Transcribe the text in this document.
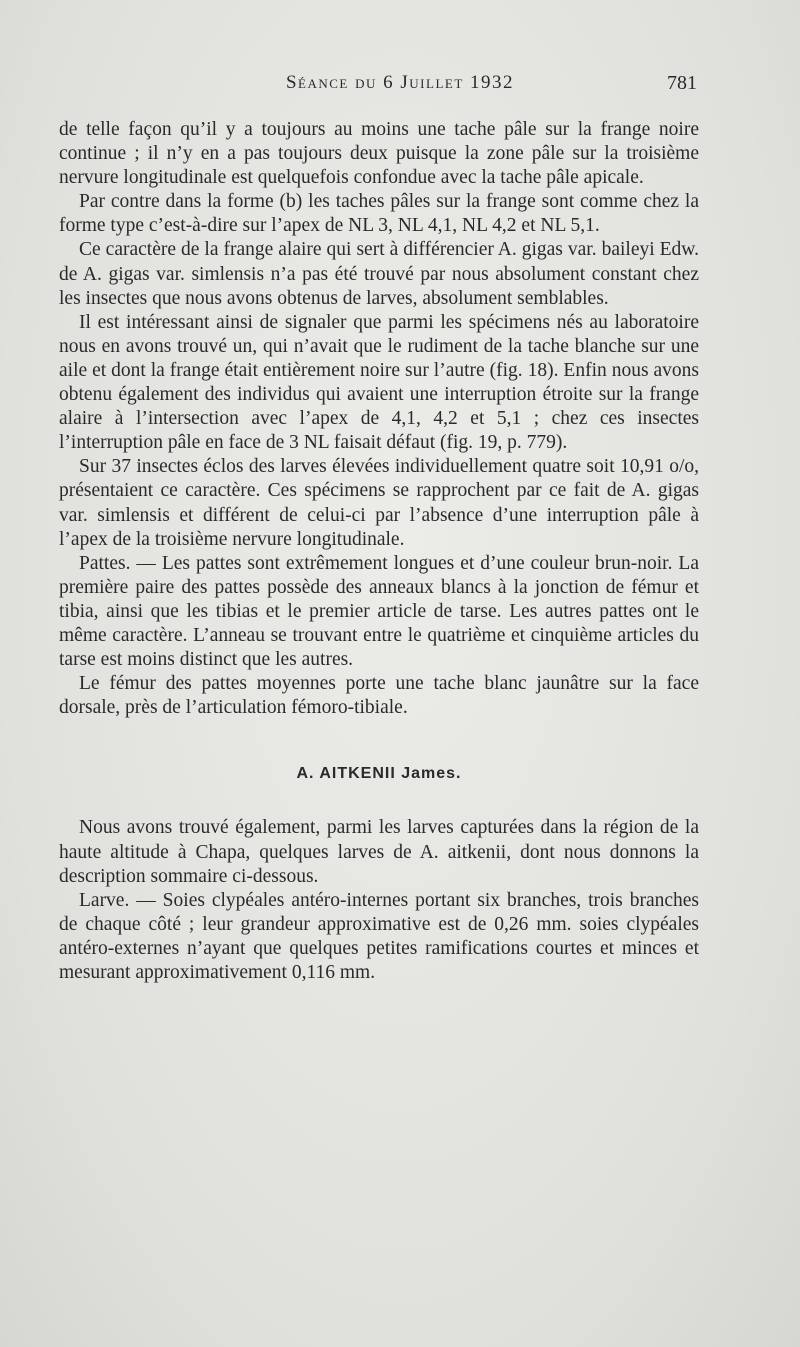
Séance du 6 Juillet 1932	781

de telle façon qu’il y a toujours au moins une tache pâle sur la frange noire continue ; il n’y en a pas toujours deux puisque la zone pâle sur la troisième nervure longitudinale est quelquefois confondue avec la tache pâle apicale.

Par contre dans la forme (b) les taches pâles sur la frange sont comme chez la forme type c’est-à-dire sur l’apex de NL 3, NL 4,1, NL 4,2 et NL 5,1.

Ce caractère de la frange alaire qui sert à différencier A. gigas var. baileyi Edw. de A. gigas var. simlensis n’a pas été trouvé par nous absolument constant chez les insectes que nous avons obtenus de larves, absolument semblables.

Il est intéressant ainsi de signaler que parmi les spécimens nés au laboratoire nous en avons trouvé un, qui n’avait que le rudiment de la tache blanche sur une aile et dont la frange était entièrement noire sur l’autre (fig. 18). Enfin nous avons obtenu également des individus qui avaient une interruption étroite sur la frange alaire à l’intersection avec l’apex de 4,1, 4,2 et 5,1 ; chez ces insectes l’interruption pâle en face de 3 NL faisait défaut (fig. 19, p. 779).

Sur 37 insectes éclos des larves élevées individuellement quatre soit 10,91 o/o, présentaient ce caractère. Ces spécimens se rapprochent par ce fait de A. gigas var. simlensis et différent de celui-ci par l’absence d’une interruption pâle à l’apex de la troisième nervure longitudinale.

Pattes. — Les pattes sont extrêmement longues et d’une couleur brun-noir. La première paire des pattes possède des anneaux blancs à la jonction de fémur et tibia, ainsi que les tibias et le premier article de tarse. Les autres pattes ont le même caractère. L’anneau se trouvant entre le quatrième et cinquième articles du tarse est moins distinct que les autres.

Le fémur des pattes moyennes porte une tache blanc jaunâtre sur la face dorsale, près de l’articulation fémoro-tibiale.

A. AITKENII James.

Nous avons trouvé également, parmi les larves capturées dans la région de la haute altitude à Chapa, quelques larves de A. aitkenii, dont nous donnons la description sommaire ci-dessous.

Larve. — Soies clypéales antéro-internes portant six branches, trois branches de chaque côté ; leur grandeur approximative est de 0,26 mm. soies clypéales antéro-externes n’ayant que quelques petites ramifications courtes et minces et mesurant approximativement 0,116 mm.
